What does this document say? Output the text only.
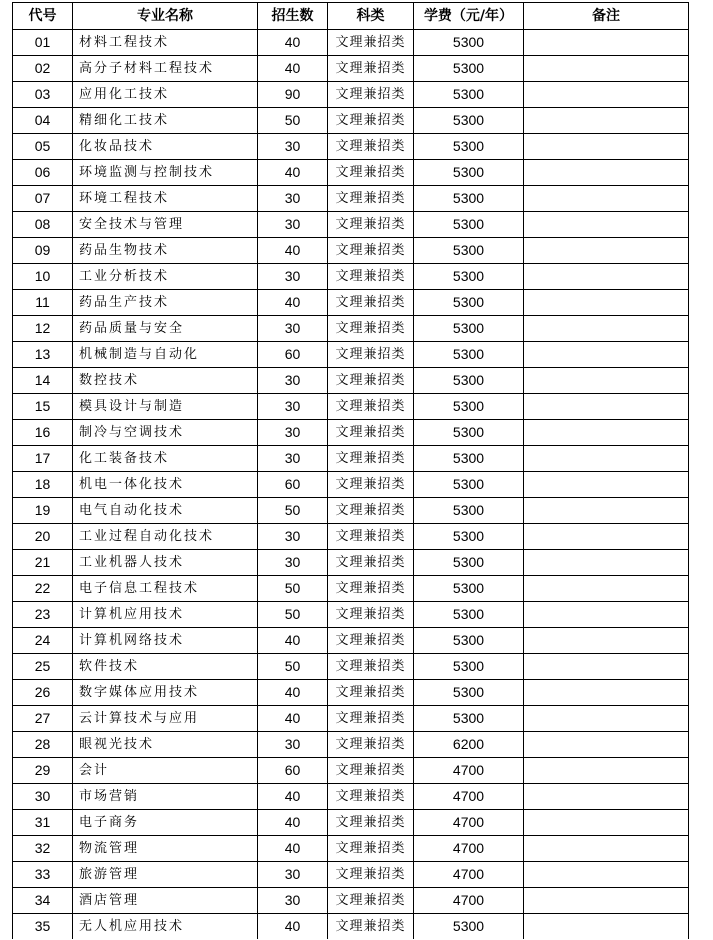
代号	专业名称	招生数	科类	学费（元/年）	备注
01	材料工程技术	40	文理兼招类	5300	
02	高分子材料工程技术	40	文理兼招类	5300	
03	应用化工技术	90	文理兼招类	5300	
04	精细化工技术	50	文理兼招类	5300	
05	化妆品技术	30	文理兼招类	5300	
06	环境监测与控制技术	40	文理兼招类	5300	
07	环境工程技术	30	文理兼招类	5300	
08	安全技术与管理	30	文理兼招类	5300	
09	药品生物技术	40	文理兼招类	5300	
10	工业分析技术	30	文理兼招类	5300	
11	药品生产技术	40	文理兼招类	5300	
12	药品质量与安全	30	文理兼招类	5300	
13	机械制造与自动化	60	文理兼招类	5300	
14	数控技术	30	文理兼招类	5300	
15	模具设计与制造	30	文理兼招类	5300	
16	制冷与空调技术	30	文理兼招类	5300	
17	化工装备技术	30	文理兼招类	5300	
18	机电一体化技术	60	文理兼招类	5300	
19	电气自动化技术	50	文理兼招类	5300	
20	工业过程自动化技术	30	文理兼招类	5300	
21	工业机器人技术	30	文理兼招类	5300	
22	电子信息工程技术	50	文理兼招类	5300	
23	计算机应用技术	50	文理兼招类	5300	
24	计算机网络技术	40	文理兼招类	5300	
25	软件技术	50	文理兼招类	5300	
26	数字媒体应用技术	40	文理兼招类	5300	
27	云计算技术与应用	40	文理兼招类	5300	
28	眼视光技术	30	文理兼招类	6200	
29	会计	60	文理兼招类	4700	
30	市场营销	40	文理兼招类	4700	
31	电子商务	40	文理兼招类	4700	
32	物流管理	40	文理兼招类	4700	
33	旅游管理	30	文理兼招类	4700	
34	酒店管理	30	文理兼招类	4700	
35	无人机应用技术	40	文理兼招类	5300	
